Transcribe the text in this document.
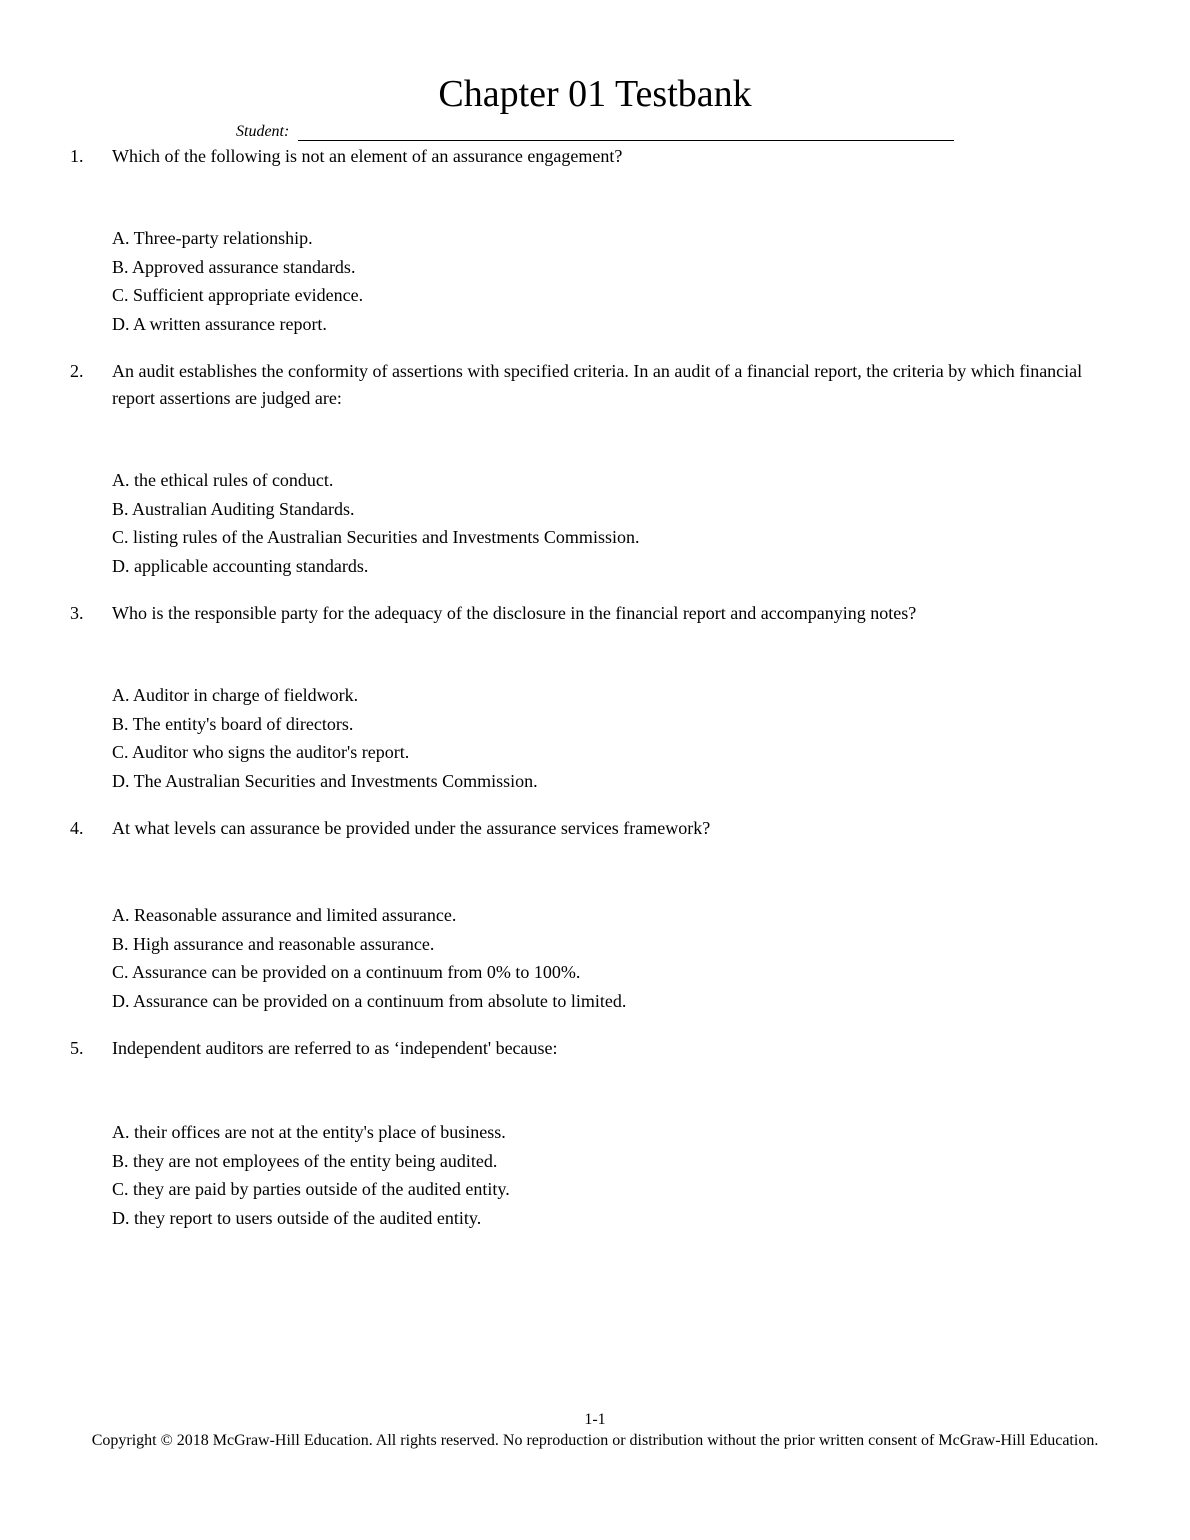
Chapter 01 Testbank
Student:
1. Which of the following is not an element of an assurance engagement?
A. Three-party relationship.
B. Approved assurance standards.
C. Sufficient appropriate evidence.
D. A written assurance report.
2. An audit establishes the conformity of assertions with specified criteria. In an audit of a financial report, the criteria by which financial report assertions are judged are:
A. the ethical rules of conduct.
B. Australian Auditing Standards.
C. listing rules of the Australian Securities and Investments Commission.
D. applicable accounting standards.
3. Who is the responsible party for the adequacy of the disclosure in the financial report and accompanying notes?
A. Auditor in charge of fieldwork.
B. The entity's board of directors.
C. Auditor who signs the auditor's report.
D. The Australian Securities and Investments Commission.
4. At what levels can assurance be provided under the assurance services framework?
A. Reasonable assurance and limited assurance.
B. High assurance and reasonable assurance.
C. Assurance can be provided on a continuum from 0% to 100%.
D. Assurance can be provided on a continuum from absolute to limited.
5. Independent auditors are referred to as ‘independent' because:
A. their offices are not at the entity's place of business.
B. they are not employees of the entity being audited.
C. they are paid by parties outside of the audited entity.
D. they report to users outside of the audited entity.
1-1
Copyright © 2018 McGraw-Hill Education. All rights reserved. No reproduction or distribution without the prior written consent of McGraw-Hill Education.
